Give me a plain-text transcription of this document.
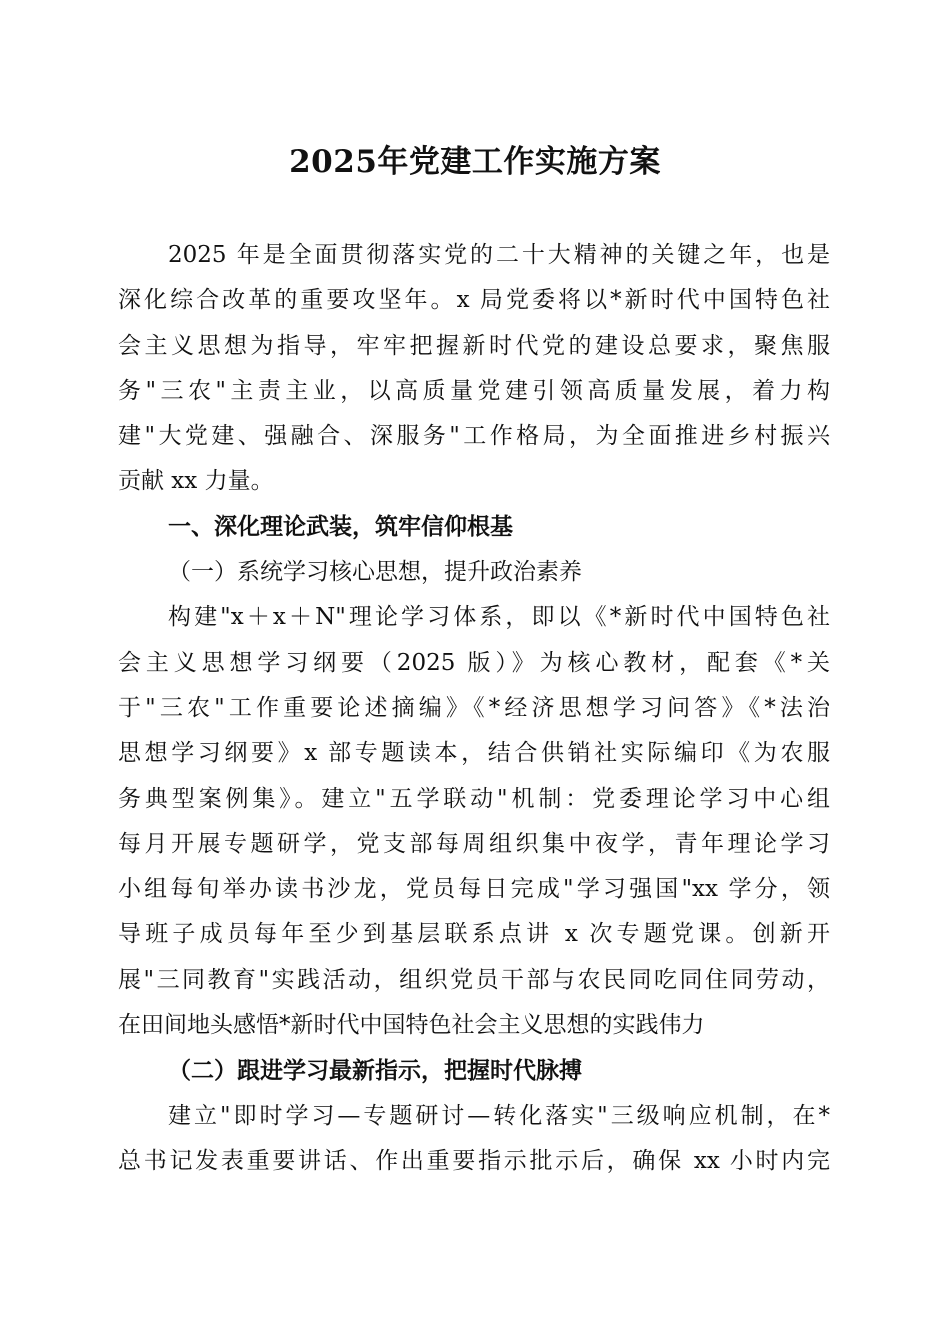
2025年党建工作实施方案
2025 年是全面贯彻落实党的二十大精神的关键之年，也是
深化综合改革的重要攻坚年。x 局党委将以*新时代中国特色社
会主义思想为指导，牢牢把握新时代党的建设总要求，聚焦服
务"三农"主责主业，以高质量党建引领高质量发展，着力构
建"大党建、强融合、深服务"工作格局，为全面推进乡村振兴
贡献 xx 力量。
一、深化理论武装，筑牢信仰根基
（一）系统学习核心思想，提升政治素养
构建"x＋x＋N"理论学习体系，即以《*新时代中国特色社
会主义思想学习纲要（2025 版）》为核心教材，配套《*关
于"三农"工作重要论述摘编》《*经济思想学习问答》《*法治
思想学习纲要》x 部专题读本，结合供销社实际编印《为农服
务典型案例集》。建立"五学联动"机制：党委理论学习中心组
每月开展专题研学，党支部每周组织集中夜学，青年理论学习
小组每旬举办读书沙龙，党员每日完成"学习强国"xx 学分，领
导班子成员每年至少到基层联系点讲 x 次专题党课。创新开
展"三同教育"实践活动，组织党员干部与农民同吃同住同劳动，
在田间地头感悟*新时代中国特色社会主义思想的实践伟力
（二）跟进学习最新指示，把握时代脉搏
建立"即时学习—专题研讨—转化落实"三级响应机制，在*
总书记发表重要讲话、作出重要指示批示后，确保 xx 小时内完
